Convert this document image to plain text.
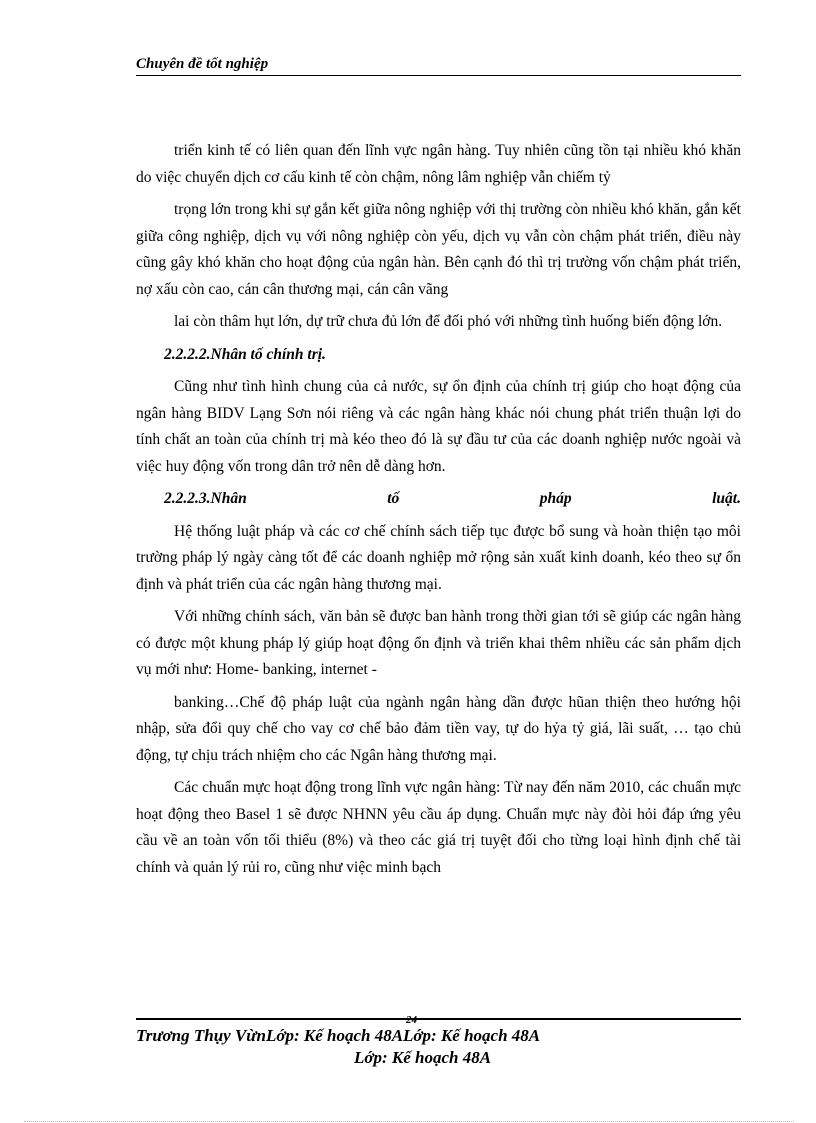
Chuyên đề tốt nghiệp

triển kinh tế có liên quan đến lĩnh vực ngân hàng. Tuy nhiên cũng tồn tại nhiều khó khăn do việc chuyển dịch cơ cấu kinh tế còn chậm, nông lâm nghiệp vẫn chiếm tỷ

trọng lớn trong khi sự gắn kết giữa nông nghiệp với thị trường còn nhiều khó khăn, gắn kết giữa công nghiệp, dịch vụ với nông nghiệp còn yếu, dịch vụ vẫn còn chậm phát triển, điều này cũng gây khó khăn cho hoạt động của ngân hàn. Bên cạnh đó thì trị trường vốn chậm phát triển, nợ xấu còn cao, cán cân thương mại, cán cân vãng

lai còn thâm hụt lớn, dự trữ chưa đủ lớn để đối phó với những tình huống biến động lớn.

2.2.2.2.Nhân tố chính trị.

Cũng như tình hình chung của cả nước, sự ổn định của chính trị giúp cho hoạt động của ngân hàng BIDV Lạng Sơn nói riêng và các ngân hàng khác nói chung phát triển thuận lợi do tính chất an toàn của chính trị mà kéo theo đó là sự đầu tư của các doanh nghiệp nước ngoài và việc huy động vốn trong dân trở nên dễ dàng hơn.

2.2.2.3.Nhân	tố	pháp	luật.

Hệ thống luật pháp và các cơ chế chính sách tiếp tục được bổ sung và hoàn thiện tạo môi trường pháp lý ngày càng tốt để các doanh nghiệp mở rộng sản xuất kinh doanh, kéo theo sự ổn định và phát triển của các ngân hàng thương mại.

Với những chính sách, văn bản sẽ được ban hành trong thời gian tới sẽ giúp các ngân hàng có được một khung pháp lý giúp hoạt động ổn định và triển khai thêm nhiều các sản phẩm dịch vụ mới như: Home- banking, internet -

banking…Chế độ pháp luật của ngành ngân hàng dần được hũan thiện theo hướng hội nhập, sửa đổi quy chế cho vay cơ chế bảo đảm tiền vay, tự do hỷa tỷ giá, lãi suất, … tạo chủ động, tự chịu trách nhiệm cho các Ngân hàng thương mại.

Các chuẩn mực hoạt động trong lĩnh vực ngân hàng: Từ nay đến năm 2010, các chuẩn mực hoạt động theo Basel 1 sẽ được NHNN yêu cầu áp dụng. Chuẩn mực này đòi hỏi đáp ứng yêu cầu về an toàn vốn tối thiểu (8%) và theo các giá trị tuyệt đối cho từng loại hình định chế tài chính và quản lý rủi ro, cũng như việc minh bạch

24
Trương Thụy VừnLớp: Kế hoạch 48ALớp: Kế hoạch 48A
Lớp: Kế hoạch 48A
